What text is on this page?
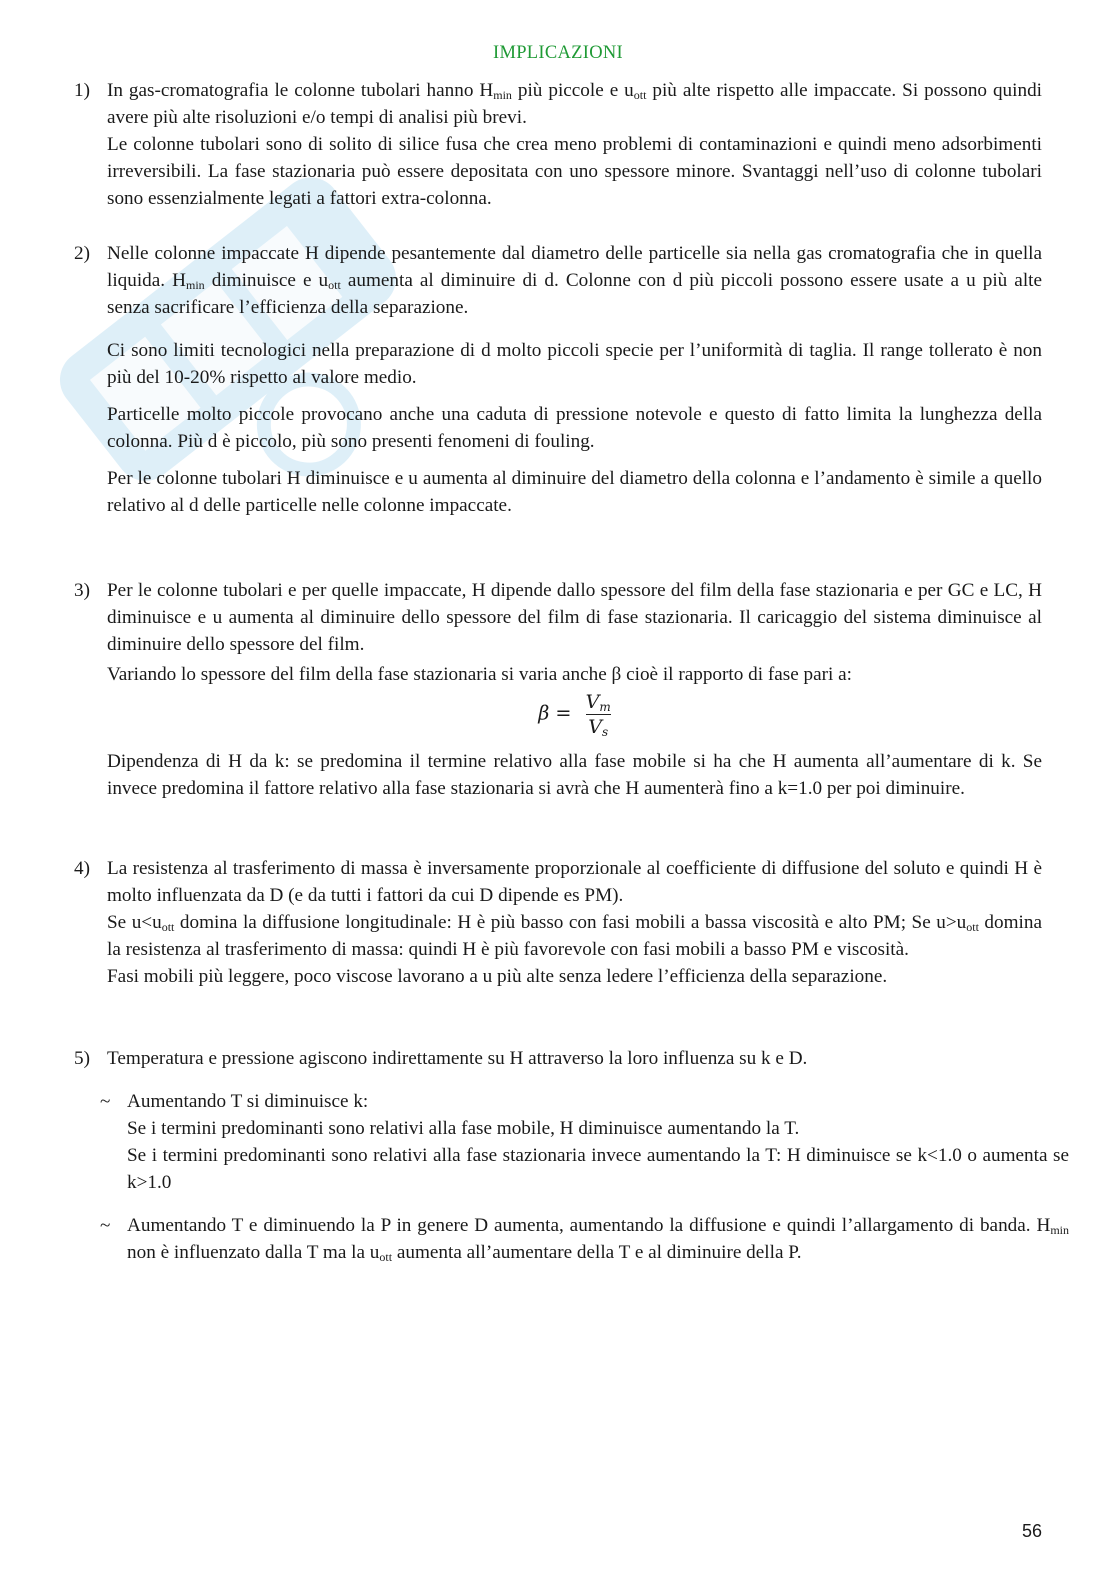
IMPLICAZIONI
1) In gas-cromatografia le colonne tubolari hanno $H_{min}$ più piccole e $u_{ott}$ più alte rispetto alle impaccate. Si possono quindi avere più alte risoluzioni e/o tempi di analisi più brevi.

Le colonne tubolari sono di solito di silice fusa che crea meno problemi di contaminazioni e quindi meno adsorbimenti irreversibili. La fase stazionaria può essere depositata con uno spessore minore. Svantaggi nell’uso di colonne tubolari sono essenzialmente legati a fattori extra-colonna.

2) Nelle colonne impaccate H dipende pesantemente dal diametro delle particelle sia nella gas cromatografia che in quella liquida. $H_{min}$ diminuisce e $u_{ott}$ aumenta al diminuire di d. Colonne con d più piccoli possono essere usate a u più alte senza sacrificare l’efficienza della separazione.

Ci sono limiti tecnologici nella preparazione di d molto piccoli specie per l’uniformità di taglia. Il range tollerato è non più del 10-20% rispetto al valore medio.

Particelle molto piccole provocano anche una caduta di pressione notevole e questo di fatto limita la lunghezza della colonna. Più d è piccolo, più sono presenti fenomeni di fouling.

Per le colonne tubolari H diminuisce e u aumenta al diminuire del diametro della colonna e l’andamento è simile a quello relativo al d delle particelle nelle colonne impaccate.

3) Per le colonne tubolari e per quelle impaccate, H dipende dallo spessore del film della fase stazionaria e per GC e LC, H diminuisce e u aumenta al diminuire dello spessore del film di fase stazionaria. Il caricaggio del sistema diminuisce al diminuire dello spessore del film.

Variando lo spessore del film della fase stazionaria si varia anche β cioè il rapporto di fase pari a:

$\beta = \frac{V_m}{V_s}$

Dipendenza di H da k: se predomina il termine relativo alla fase mobile si ha che H aumenta all’aumentare di k. Se invece predomina il fattore relativo alla fase stazionaria si avrà che H aumenterà fino a k=1.0 per poi diminuire.

4) La resistenza al trasferimento di massa è inversamente proporzionale al coefficiente di diffusione del soluto e quindi H è molto influenzata da D (e da tutti i fattori da cui D dipende es PM).

Se $u<u_{ott}$ domina la diffusione longitudinale: H è più basso con fasi mobili a bassa viscosità e alto PM; Se $u>u_{ott}$ domina la resistenza al trasferimento di massa: quindi H è più favorevole con fasi mobili a basso PM e viscosità.

Fasi mobili più leggere, poco viscose lavorano a u più alte senza ledere l’efficienza della separazione.

5) Temperatura e pressione agiscono indirettamente su H attraverso la loro influenza su k e D.

~ Aumentando T si diminuisce k:

Se i termini predominanti sono relativi alla fase mobile, H diminuisce aumentando la T.

Se i termini predominanti sono relativi alla fase stazionaria invece aumentando la T: H diminuisce se k<1.0 o aumenta se k>1.0

~ Aumentando T e diminuendo la P in genere D aumenta, aumentando la diffusione e quindi l’allargamento di banda. $H_{min}$ non è influenzato dalla T ma la $u_{ott}$ aumenta all’aumentare della T e al diminuire della P.

56
